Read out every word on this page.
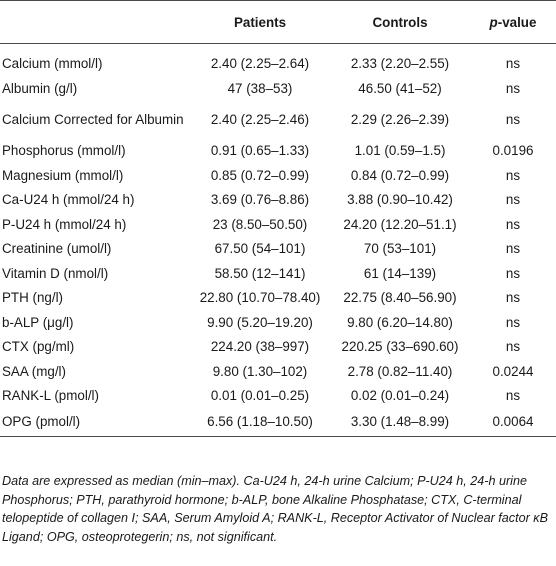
	Patients	Controls	p-value
Calcium (mmol/l)	2.40 (2.25–2.64)	2.33 (2.20–2.55)	ns
Albumin (g/l)	47 (38–53)	46.50 (41–52)	ns
Calcium Corrected for Albumin	2.40 (2.25–2.46)	2.29 (2.26–2.39)	ns
Phosphorus (mmol/l)	0.91 (0.65–1.33)	1.01 (0.59–1.5)	0.0196
Magnesium (mmol/l)	0.85 (0.72–0.99)	0.84 (0.72–0.99)	ns
Ca-U24 h (mmol/24 h)	3.69 (0.76–8.86)	3.88 (0.90–10.42)	ns
P-U24 h (mmol/24 h)	23 (8.50–50.50)	24.20 (12.20–51.1)	ns
Creatinine (umol/l)	67.50 (54–101)	70 (53–101)	ns
Vitamin D (nmol/l)	58.50 (12–141)	61 (14–139)	ns
PTH (ng/l)	22.80 (10.70–78.40)	22.75 (8.40–56.90)	ns
b-ALP (μg/l)	9.90 (5.20–19.20)	9.80 (6.20–14.80)	ns
CTX (pg/ml)	224.20 (38–997)	220.25 (33–690.60)	ns
SAA (mg/l)	9.80 (1.30–102)	2.78 (0.82–11.40)	0.0244
RANK-L (pmol/l)	0.01 (0.01–0.25)	0.02 (0.01–0.24)	ns
OPG (pmol/l)	6.56 (1.18–10.50)	3.30 (1.48–8.99)	0.0064
Data are expressed as median (min–max). Ca-U24 h, 24-h urine Calcium; P-U24 h, 24-h urine Phosphorus; PTH, parathyroid hormone; b-ALP, bone Alkaline Phosphatase; CTX, C-terminal telopeptide of collagen I; SAA, Serum Amyloid A; RANK-L, Receptor Activator of Nuclear factor κB Ligand; OPG, osteoprotegerin; ns, not significant.
